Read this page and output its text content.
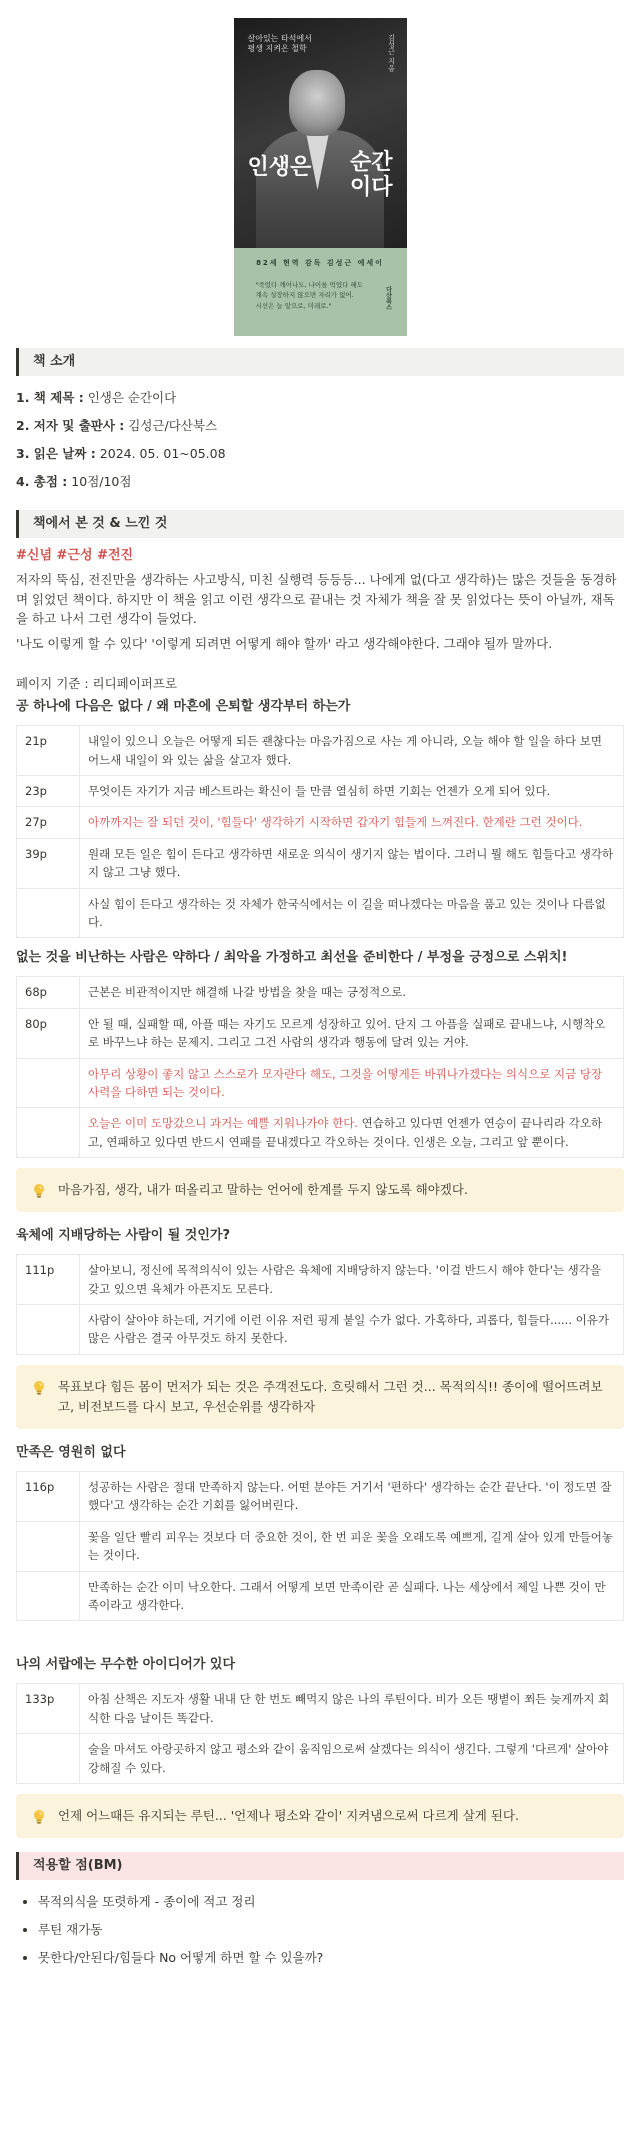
살아있는 타석에서
평생 지켜온 철학	김성근 지음
인생은 순간
이다
82세 현역 감독 김성근 에세이
"죽었다 깨어나도, 나이를 먹었다 해도
계속 성장하지 않으면 자리가 없어.
시선은 늘 앞으로, 미래로."	다산북스
책 소개
1. 책 제목 : 인생은 순간이다
2. 저자 및 출판사 : 김성근/다산북스
3. 읽은 날짜 : 2024. 05. 01~05.08
4. 총점 : 10점/10점
책에서 본 것 & 느낀 것
#신념 #근성 #전진

저자의 뚝심, 전진만을 생각하는 사고방식, 미친 실행력 등등등... 나에게 없(다고 생각하)는 많은 것들을 동경하며 읽었던 책이다. 하지만 이 책을 읽고 이런 생각으로 끝내는 것 자체가 책을 잘 못 읽었다는 뜻이 아닐까, 재독을 하고 나서 그런 생각이 들었다.

'나도 이렇게 할 수 있다' '이렇게 되려면 어떻게 해야 할까' 라고 생각해야한다. 그래야 될까 말까다.

페이지 기준 : 리디페이퍼프로

공 하나에 다음은 없다 / 왜 마흔에 은퇴할 생각부터 하는가
21p	내일이 있으니 오늘은 어떻게 되든 괜찮다는 마음가짐으로 사는 게 아니라, 오늘 해야 할 일을 하다 보면 어느새 내일이 와 있는 삶을 살고자 했다.
23p	무엇이든 자기가 지금 베스트라는 확신이 들 만큼 열심히 하면 기회는 언젠가 오게 되어 있다.
27p	아까까지는 잘 되던 것이, '힘들다' 생각하기 시작하면 갑자기 힘들게 느껴진다. 한계란 그런 것이다.
39p	원래 모든 일은 힘이 든다고 생각하면 새로운 의식이 생기지 않는 법이다. 그러니 뭘 해도 힘들다고 생각하지 않고 그냥 했다.
	사실 힘이 든다고 생각하는 것 자체가 한국식에서는 이 길을 떠나겠다는 마음을 품고 있는 것이나 다름없다.
없는 것을 비난하는 사람은 약하다 / 최악을 가정하고 최선을 준비한다 / 부정을 긍정으로 스위치!
68p	근본은 비관적이지만 해결해 나갈 방법을 찾을 때는 긍정적으로.
80p	안 될 때, 실패할 때, 아플 때는 자기도 모르게 성장하고 있어. 단지 그 아픔을 실패로 끝내느냐, 시행착오로 바꾸느냐 하는 문제지. 그리고 그건 사람의 생각과 행동에 달려 있는 거야.
	아무리 상황이 좋지 않고 스스로가 모자란다 해도, 그것을 어떻게든 바꿔나가겠다는 의식으로 지금 당장 사력을 다하면 되는 것이다.
	오늘은 이미 도망갔으니 과거는 예쁠 지워나가야 한다. 연습하고 있다면 언젠가 연승이 끝나리라 각오하고, 연패하고 있다면 반드시 연패를 끝내겠다고 각오하는 것이다. 인생은 오늘, 그리고 앞 뿐이다.
마음가짐, 생각, 내가 떠올리고 말하는 언어에 한계를 두지 않도록 해야겠다.
육체에 지배당하는 사람이 될 것인가?
111p	살아보니, 정신에 목적의식이 있는 사람은 육체에 지배당하지 않는다. '이걸 반드시 해야 한다'는 생각을 갖고 있으면 육체가 아픈지도 모른다.
	사람이 살아야 하는데, 거기에 이런 이유 저런 핑계 붙일 수가 없다. 가혹하다, 괴롭다, 힘들다...... 이유가 많은 사람은 결국 아무것도 하지 못한다.
목표보다 힘든 몸이 먼저가 되는 것은 주객전도다. 흐릿해서 그런 것... 목적의식!! 종이에 떨어뜨려보고, 비전보드를 다시 보고, 우선순위를 생각하자
만족은 영원히 없다
116p	성공하는 사람은 절대 만족하지 않는다. 어떤 분야든 거기서 '편하다' 생각하는 순간 끝난다. '이 정도면 잘했다'고 생각하는 순간 기회를 잃어버린다.
	꽃을 일단 빨리 피우는 것보다 더 중요한 것이, 한 번 피운 꽃을 오래도록 예쁘게, 길게 살아 있게 만들어놓는 것이다.
	만족하는 순간 이미 낙오한다. 그래서 어떻게 보면 만족이란 곧 실패다. 나는 세상에서 제일 나쁜 것이 만족이라고 생각한다.
나의 서랍에는 무수한 아이디어가 있다
133p	아침 산책은 지도자 생활 내내 단 한 번도 빼먹지 않은 나의 루틴이다. 비가 오든 땡볕이 쬐든 늦게까지 회식한 다음 날이든 똑같다.
	술을 마셔도 아랑곳하지 않고 평소와 같이 움직임으로써 살겠다는 의식이 생긴다. 그렇게 '다르게' 살아야 강해질 수 있다.
언제 어느때든 유지되는 루틴... '언제나 평소와 같이' 지켜냄으로써 다르게 살게 된다.
적용할 점(BM)
• 목적의식을 또렷하게 - 종이에 적고 정리
• 루틴 재가동
• 못한다/안된다/힘들다 No 어떻게 하면 할 수 있을까?
